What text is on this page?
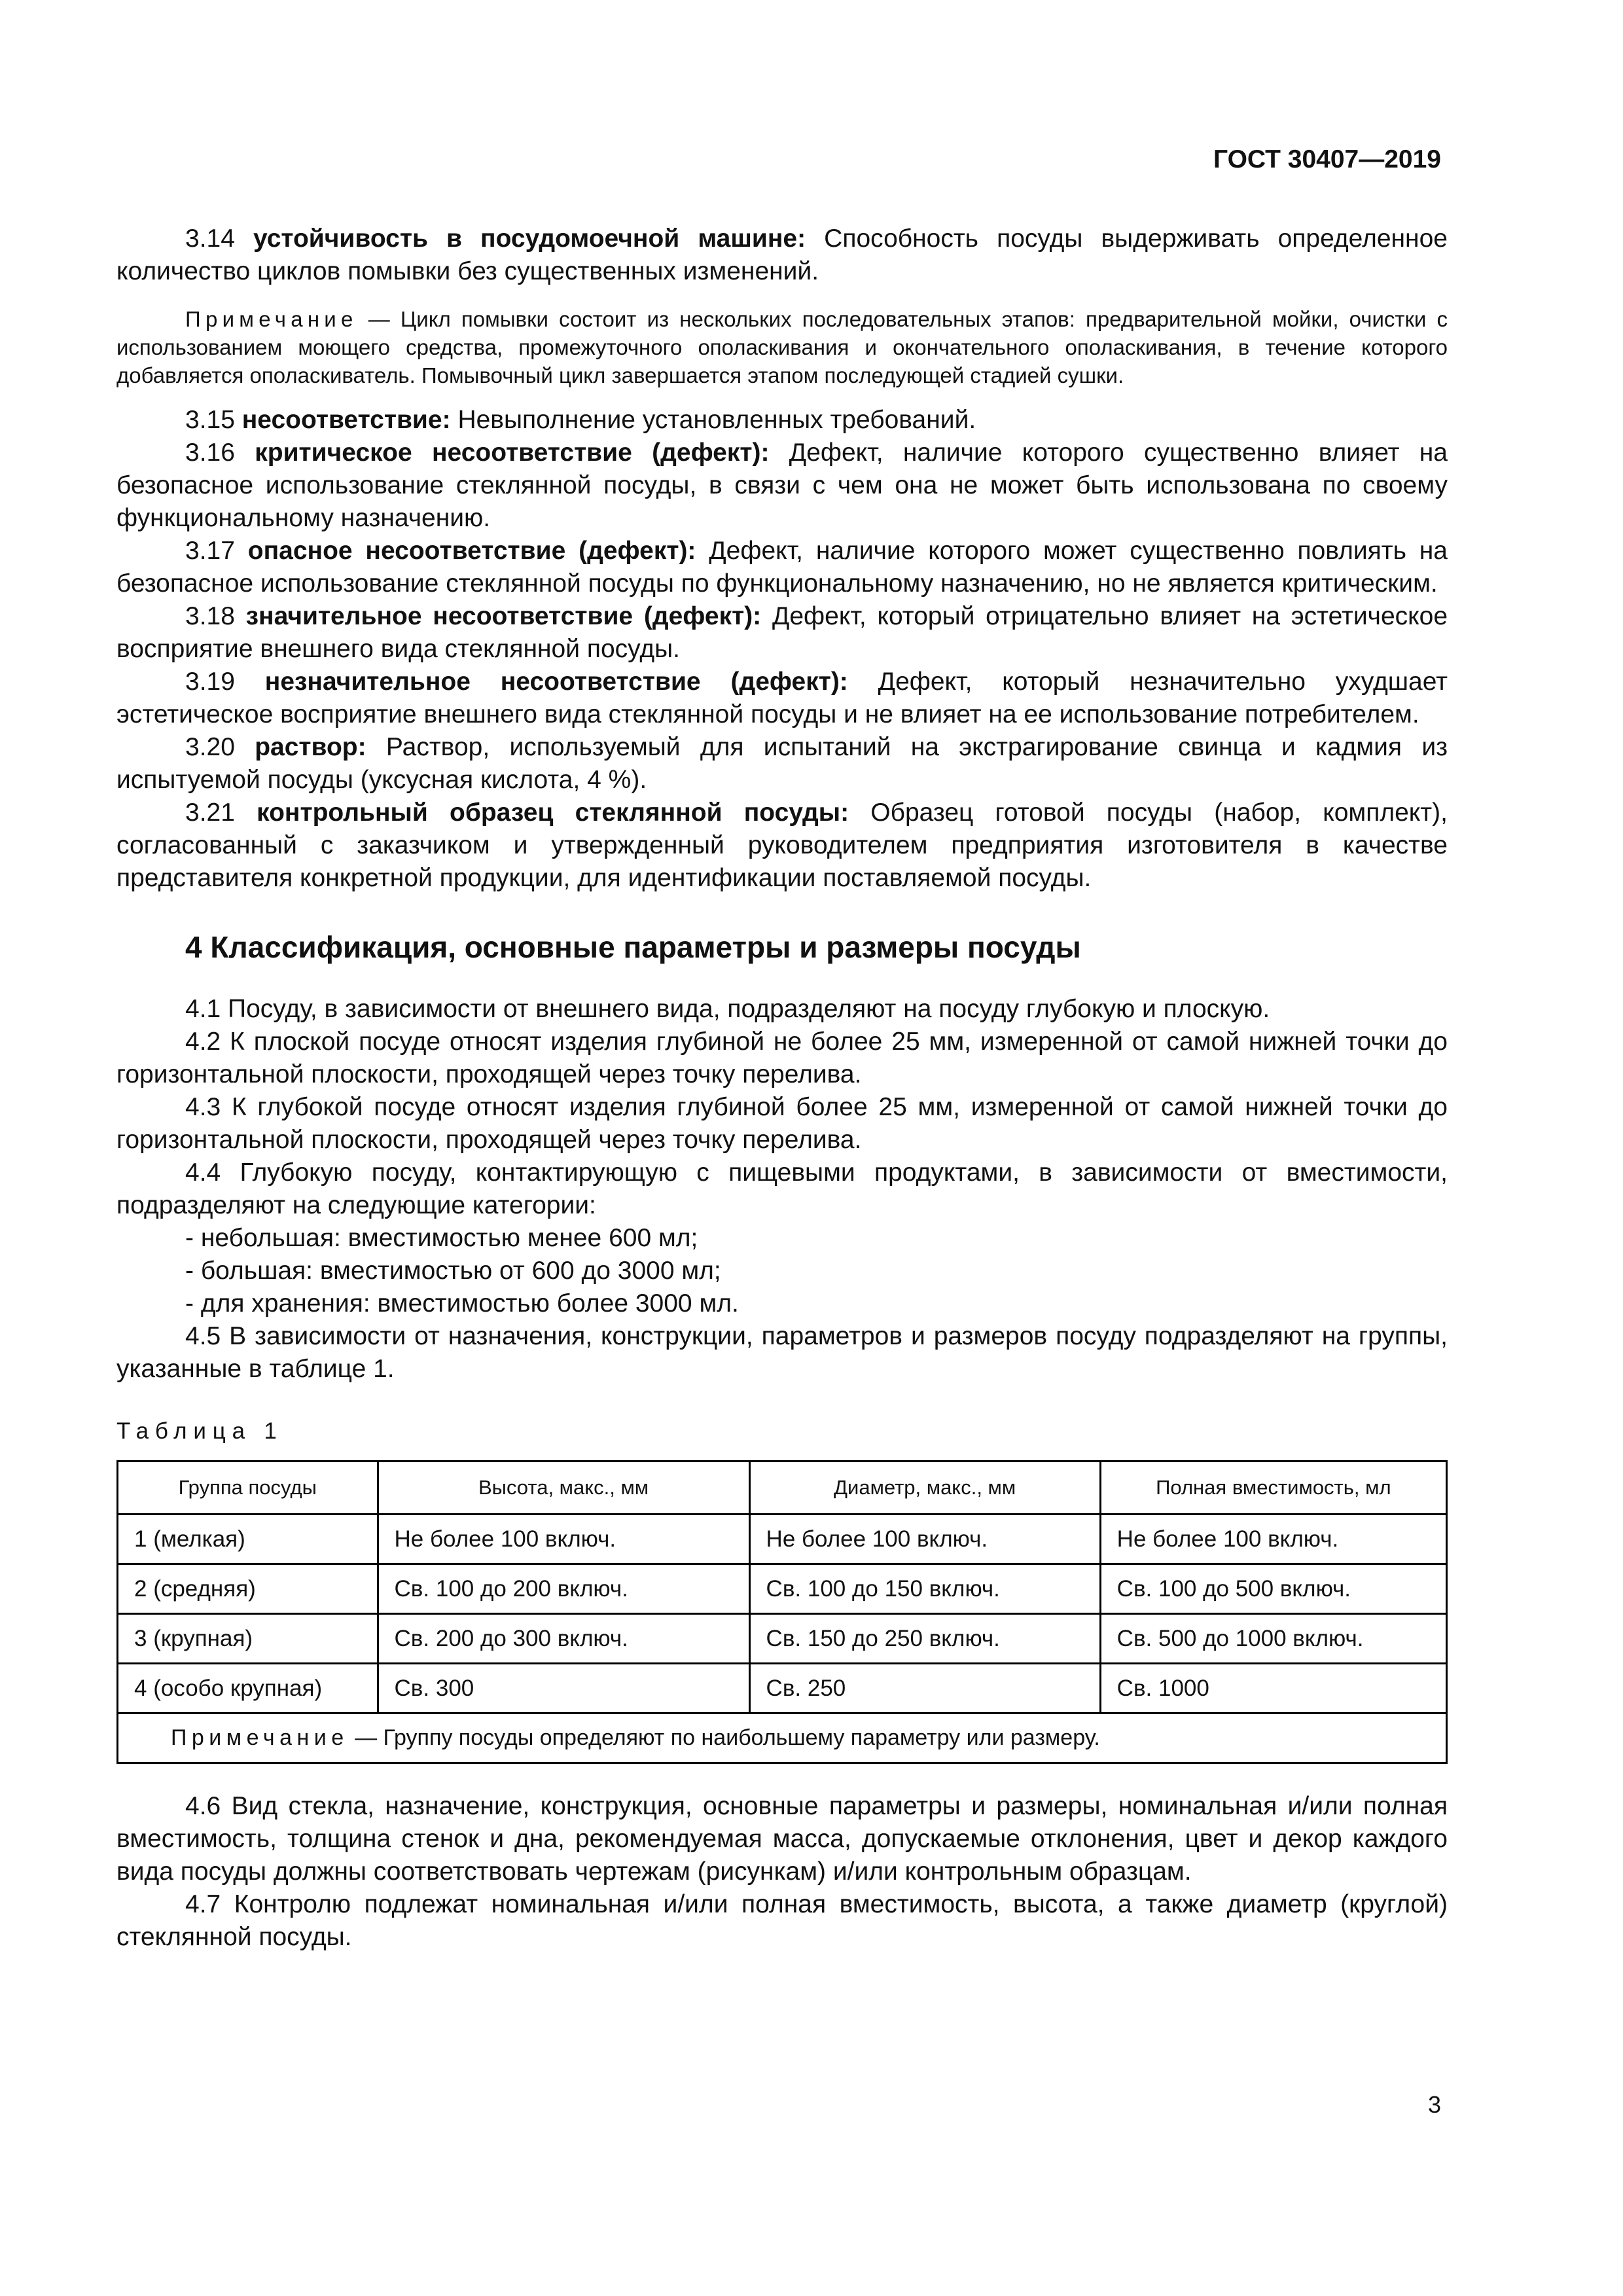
ГОСТ 30407—2019

3.14 устойчивость в посудомоечной машине: Способность посуды выдерживать определенное количество циклов помывки без существенных изменений.

Примечание — Цикл помывки состоит из нескольких последовательных этапов: предварительной мойки, очистки с использованием моющего средства, промежуточного ополаскивания и окончательного ополаскивания, в течение которого добавляется ополаскиватель. Помывочный цикл завершается этапом последующей стадией сушки.

3.15 несоответствие: Невыполнение установленных требований.

3.16 критическое несоответствие (дефект): Дефект, наличие которого существенно влияет на безопасное использование стеклянной посуды, в связи с чем она не может быть использована по своему функциональному назначению.

3.17 опасное несоответствие (дефект): Дефект, наличие которого может существенно повлиять на безопасное использование стеклянной посуды по функциональному назначению, но не является критическим.

3.18 значительное несоответствие (дефект): Дефект, который отрицательно влияет на эстетическое восприятие внешнего вида стеклянной посуды.

3.19 незначительное несоответствие (дефект): Дефект, который незначительно ухудшает эстетическое восприятие внешнего вида стеклянной посуды и не влияет на ее использование потребителем.

3.20 раствор: Раствор, используемый для испытаний на экстрагирование свинца и кадмия из испытуемой посуды (уксусная кислота, 4 %).

3.21 контрольный образец стеклянной посуды: Образец готовой посуды (набор, комплект), согласованный с заказчиком и утвержденный руководителем предприятия изготовителя в качестве представителя конкретной продукции, для идентификации поставляемой посуды.

4 Классификация, основные параметры и размеры посуды

4.1 Посуду, в зависимости от внешнего вида, подразделяют на посуду глубокую и плоскую.

4.2 К плоской посуде относят изделия глубиной не более 25 мм, измеренной от самой нижней точки до горизонтальной плоскости, проходящей через точку перелива.

4.3 К глубокой посуде относят изделия глубиной более 25 мм, измеренной от самой нижней точки до горизонтальной плоскости, проходящей через точку перелива.

4.4 Глубокую посуду, контактирующую с пищевыми продуктами, в зависимости от вместимости, подразделяют на следующие категории:

- небольшая: вместимостью менее 600 мл;
- большая: вместимостью от 600 до 3000 мл;
- для хранения: вместимостью более 3000 мл.

4.5 В зависимости от назначения, конструкции, параметров и размеров посуду подразделяют на группы, указанные в таблице 1.

Таблица 1
Группа посуды	Высота, макс., мм	Диаметр, макс., мм	Полная вместимость, мл
1 (мелкая)	Не более 100 включ.	Не более 100 включ.	Не более 100 включ.
2 (средняя)	Св. 100 до 200 включ.	Св. 100 до 150 включ.	Св. 100 до 500 включ.
3 (крупная)	Св. 200 до 300 включ.	Св. 150 до 250 включ.	Св. 500 до 1000 включ.
4 (особо крупная)	Св. 300	Св. 250	Св. 1000
Примечание — Группу посуды определяют по наибольшему параметру или размеру.			

4.6 Вид стекла, назначение, конструкция, основные параметры и размеры, номинальная и/или полная вместимость, толщина стенок и дна, рекомендуемая масса, допускаемые отклонения, цвет и декор каждого вида посуды должны соответствовать чертежам (рисункам) и/или контрольным образцам.

4.7 Контролю подлежат номинальная и/или полная вместимость, высота, а также диаметр (круглой) стеклянной посуды.

3
